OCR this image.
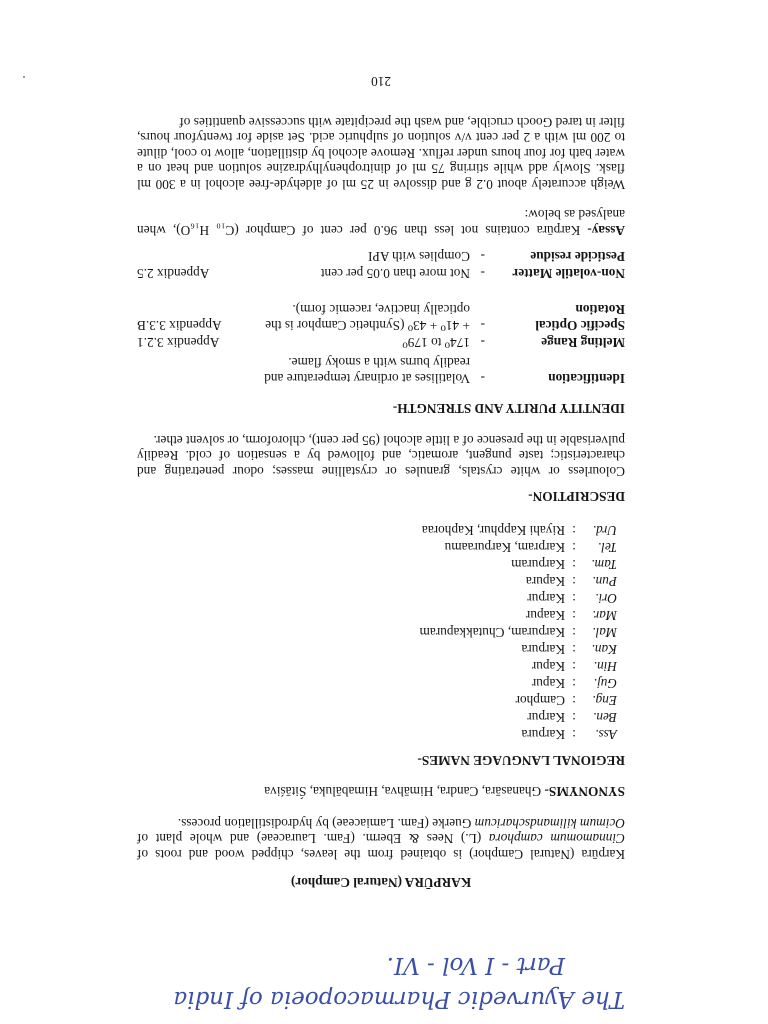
The Ayurvedic Pharmacopoeia of India
Part - I Vol - VI.
KARPŪRA (Natural Camphor)
Karpūra (Natural Camphor) is obtained from the leaves, chipped wood and roots of Cinnamomum camphora (L.) Nees & Eberm. (Fam. Lauraceae) and whole plant of Ocimum kilimandscharicum Guerke (Fam. Lamiaceae) by hydrodistillation process.
SYNONYMS- Ghanasāra, Candra, Himāhva, Himabāluka, Śitāśiva
REGIONAL LANGUAGE NAMES-
Ass.:Karpura
Ben.:Karpur
Eng.:Camphor
Guj.:Kapur
Hin.:Kapur
Kan.:Karpura
Mal.:Karpuram, Chutakkapuram
Mar.:Kaapur
Ori.:Karpur
Pun.:Kapura
Tam.:Karpuram
Tel.:Karpram, Karpuraamu
Urd.:Riyahi Kapphur, Kaphoraa
DESCRIPTION-
Colourless or white crystals, granules or crystalline masses; odour penetrating and characteristic; taste pungent, aromatic, and followed by a sensation of cold. Readily pulverisable in the presence of a little alcohol (95 per cent), chloroform, or solvent ether.
IDENTITY PURITY AND STRENGTH-
Identification
-
Volatilises at ordinary temperature and readily burns with a smoky flame.
Melting Range
-
174⁰ to 179⁰
Appendix 3.2.1
Specific Optical Rotation
-
+ 41⁰ + 43⁰ (Synthetic Camphor is the optically inactive, racemic form).
Appendix 3.3.B
Non-volatile Matter
-
Not more than 0.05 per cent
Appendix 2.5
Pesticide residue
-
Complies with API
Assay- Karpūra contains not less than 96.0 per cent of Camphor (C₁₀ H₁₆O), when analysed as below:
Weigh accurately about 0.2 g and dissolve in 25 ml of aldehyde-free alcohol in a 300 ml flask. Slowly add while stirring 75 ml of dinitrophenylhydrazine solution and heat on a water bath for four hours under reflux. Remove alcohol by distillation, allow to cool, dilute to 200 ml with a 2 per cent v/v solution of sulphuric acid. Set aside for twentyfour hours, filter in tared Gooch crucible, and wash the precipitate with successive quantities of
210
